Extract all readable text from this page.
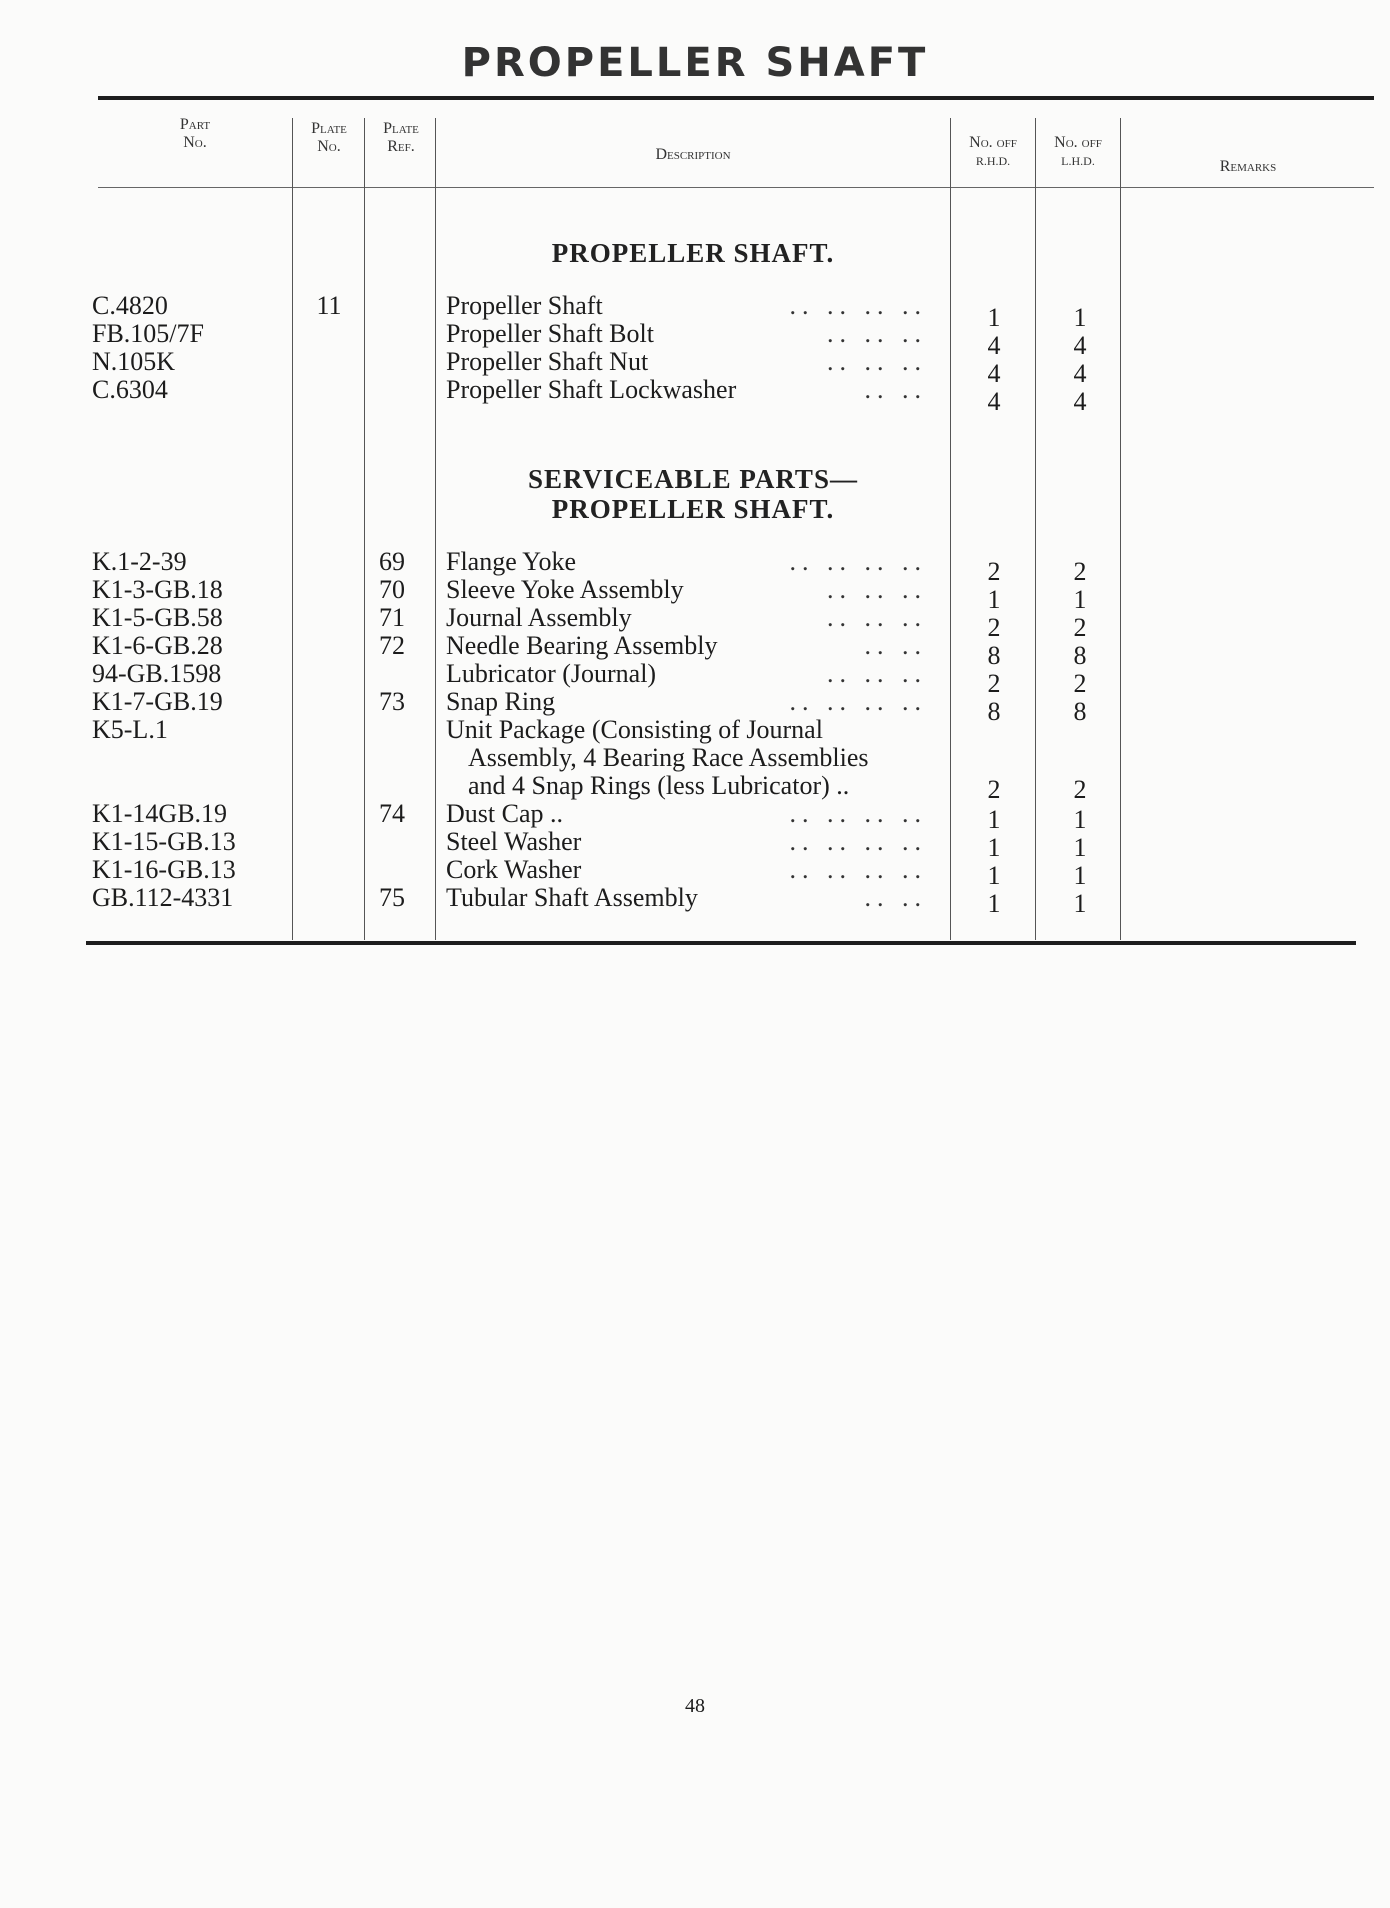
PROPELLER SHAFT
Part
No.
Plate
No.
Plate
Ref.	Description
No. off
R.H.D.
No. off
L.H.D.	Remarks
PROPELLER SHAFT.
C.4820	11	Propeller Shaft	.. .. .. ..	1	1
FB.105/7F	Propeller Shaft Bolt	.. .. ..	4	4
N.105K	Propeller Shaft Nut	.. .. ..	4	4
C.6304	Propeller Shaft Lockwasher	.. ..	4	4
SERVICEABLE PARTS—
PROPELLER SHAFT.
K.1-2-39	69 Flange Yoke	.. .. .. ..	2	2
K1-3-GB.18	70 Sleeve Yoke Assembly	.. .. ..	1	1
K1-5-GB.58	71 Journal Assembly	.. .. ..	2	2
K1-6-GB.28	72 Needle Bearing Assembly	.. ..	8	8
94-GB.1598	Lubricator (Journal)	.. .. ..	2	2
K1-7-GB.19	73 Snap Ring	.. .. .. ..	8	8
K5-L.1	Unit Package (Consisting of Journal
Assembly, 4 Bearing Race Assemblies
and 4 Snap Rings (less Lubricator) ..	2	2
K1-14GB.19	74 Dust Cap ..	.. .. .. ..	1	1
K1-15-GB.13	Steel Washer	.. .. .. ..	1	1
K1-16-GB.13	Cork Washer	.. .. .. ..	1	1
GB.112-4331	75 Tubular Shaft Assembly	.. ..	1	1
48
